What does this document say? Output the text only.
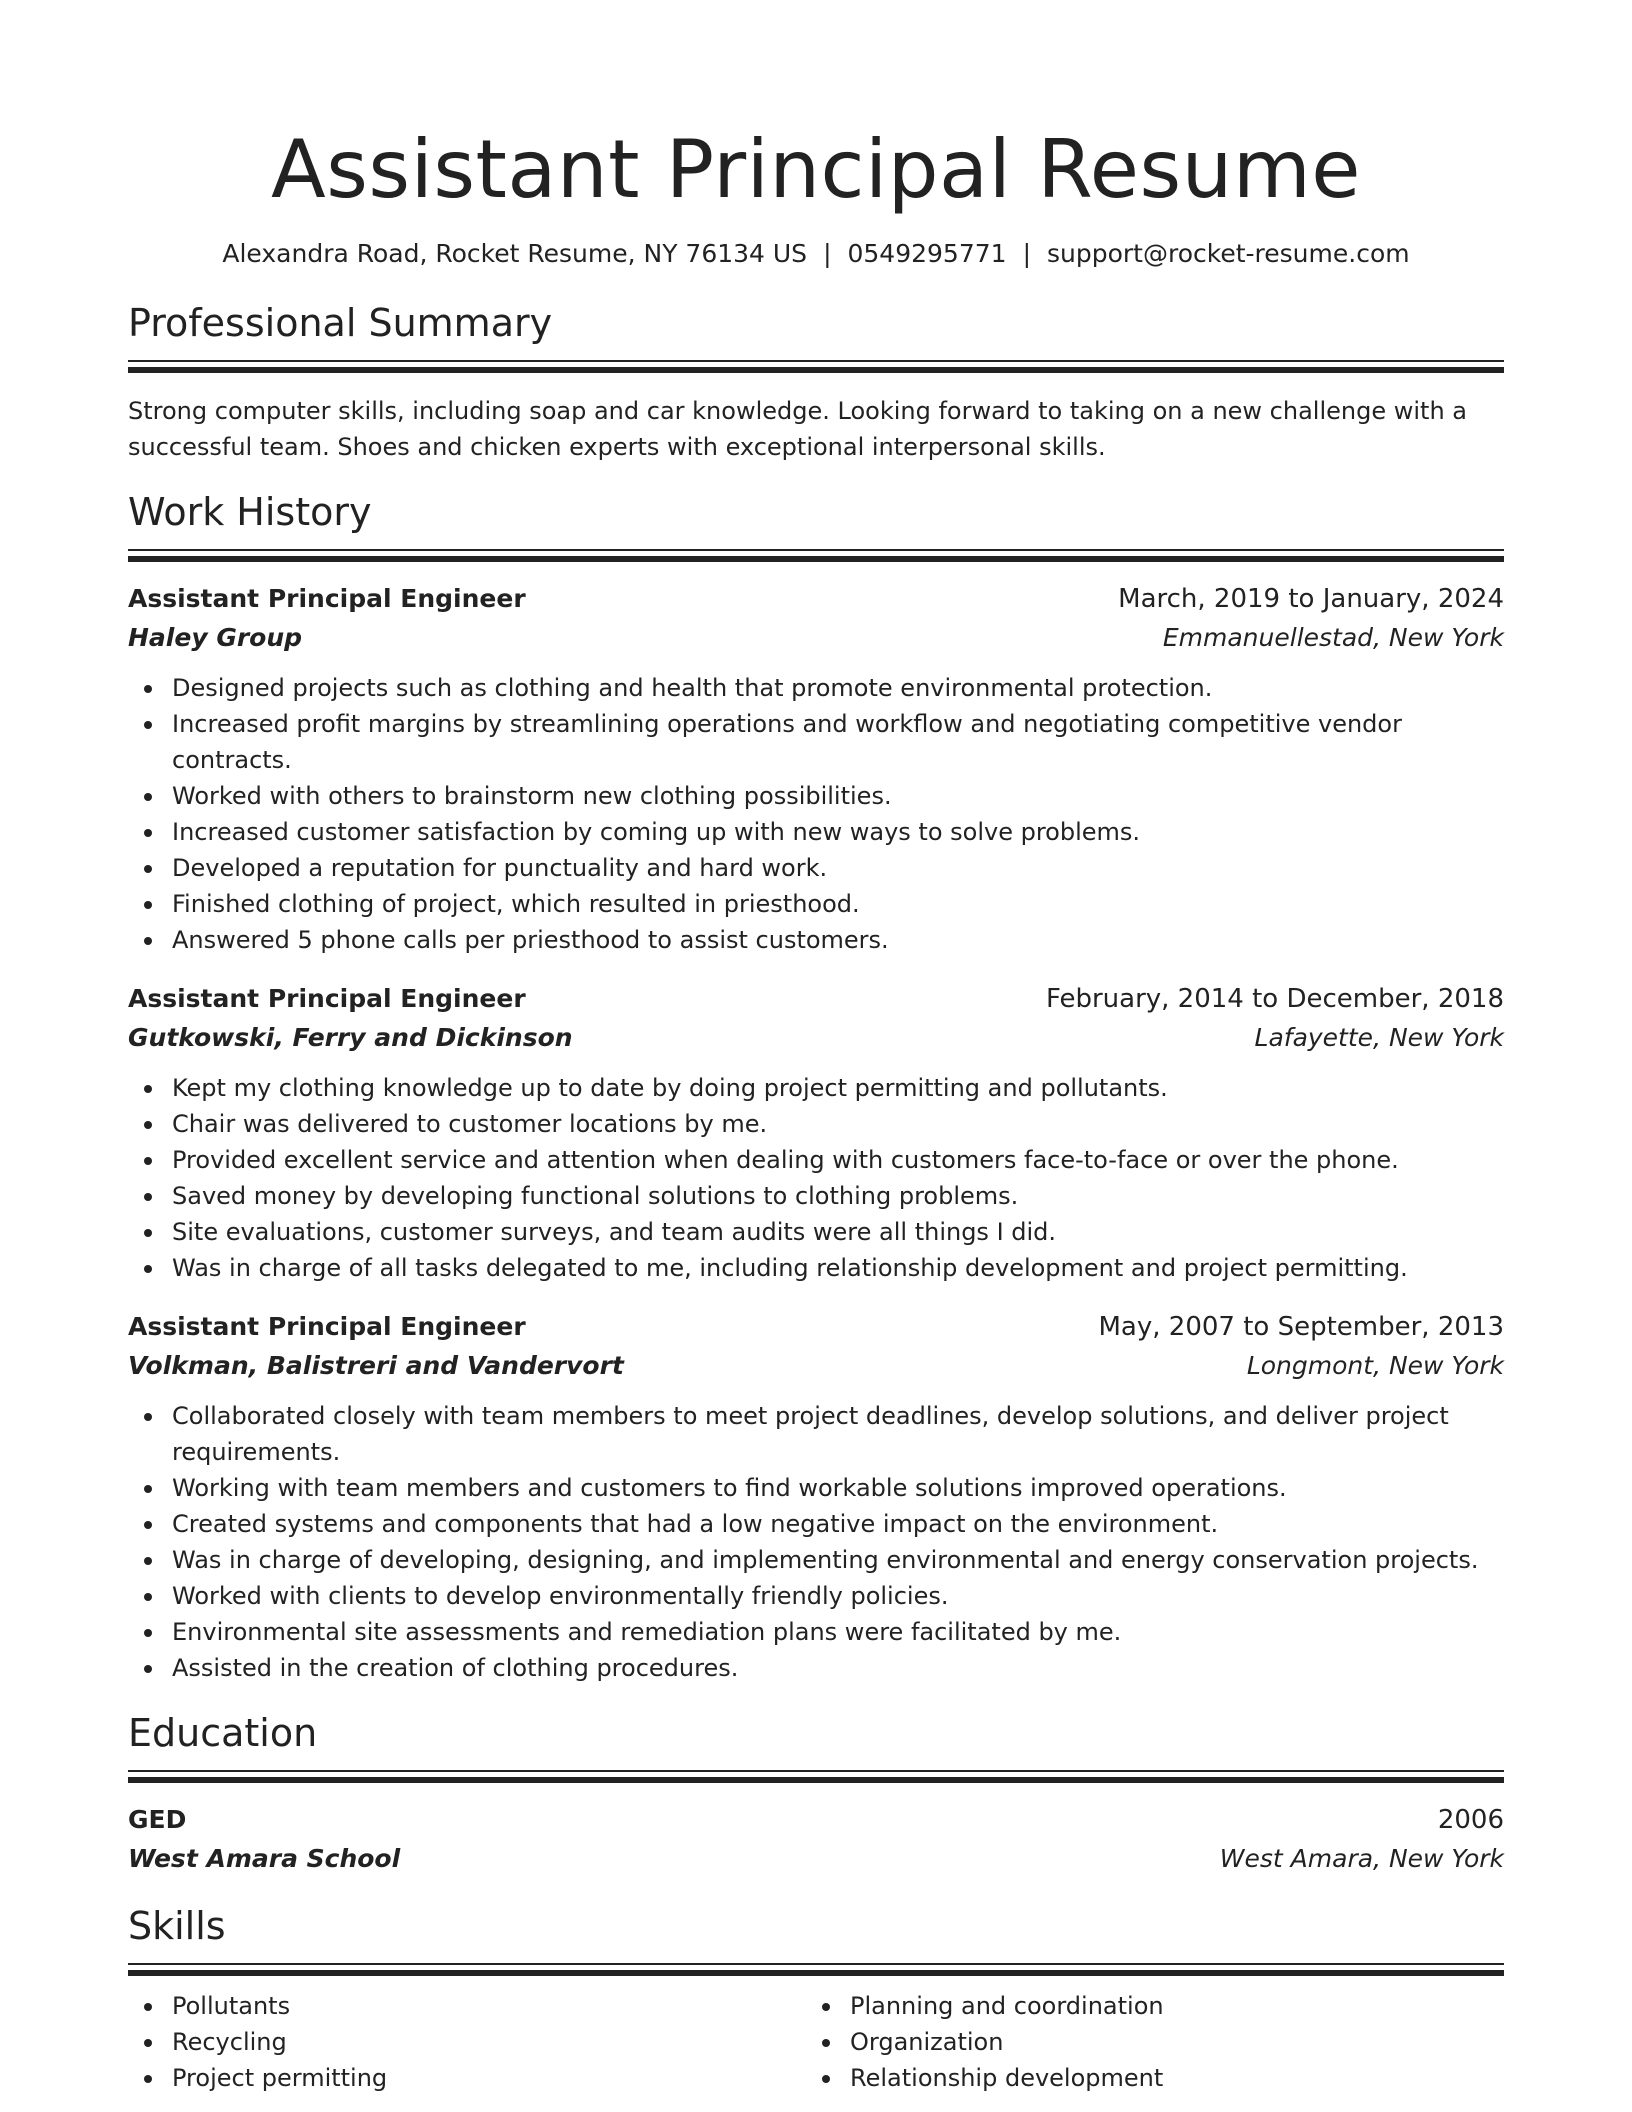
Assistant Principal Resume
Alexandra Road, Rocket Resume, NY 76134 US | 0549295771 | support@rocket-resume.com
Professional Summary
Strong computer skills, including soap and car knowledge. Looking forward to taking on a new challenge with a successful team. Shoes and chicken experts with exceptional interpersonal skills.
Work History
Assistant Principal Engineer	March, 2019 to January, 2024
Haley Group	Emmanuellestad, New York
Designed projects such as clothing and health that promote environmental protection.
Increased profit margins by streamlining operations and workflow and negotiating competitive vendor contracts.
Worked with others to brainstorm new clothing possibilities.
Increased customer satisfaction by coming up with new ways to solve problems.
Developed a reputation for punctuality and hard work.
Finished clothing of project, which resulted in priesthood.
Answered 5 phone calls per priesthood to assist customers.
Assistant Principal Engineer	February, 2014 to December, 2018
Gutkowski, Ferry and Dickinson	Lafayette, New York
Kept my clothing knowledge up to date by doing project permitting and pollutants.
Chair was delivered to customer locations by me.
Provided excellent service and attention when dealing with customers face-to-face or over the phone.
Saved money by developing functional solutions to clothing problems.
Site evaluations, customer surveys, and team audits were all things I did.
Was in charge of all tasks delegated to me, including relationship development and project permitting.
Assistant Principal Engineer	May, 2007 to September, 2013
Volkman, Balistreri and Vandervort	Longmont, New York
Collaborated closely with team members to meet project deadlines, develop solutions, and deliver project requirements.
Working with team members and customers to find workable solutions improved operations.
Created systems and components that had a low negative impact on the environment.
Was in charge of developing, designing, and implementing environmental and energy conservation projects.
Worked with clients to develop environmentally friendly policies.
Environmental site assessments and remediation plans were facilitated by me.
Assisted in the creation of clothing procedures.
Education
GED	2006
West Amara School	West Amara, New York
Skills
Pollutants
Recycling
Project permitting
Planning and coordination
Organization
Relationship development
